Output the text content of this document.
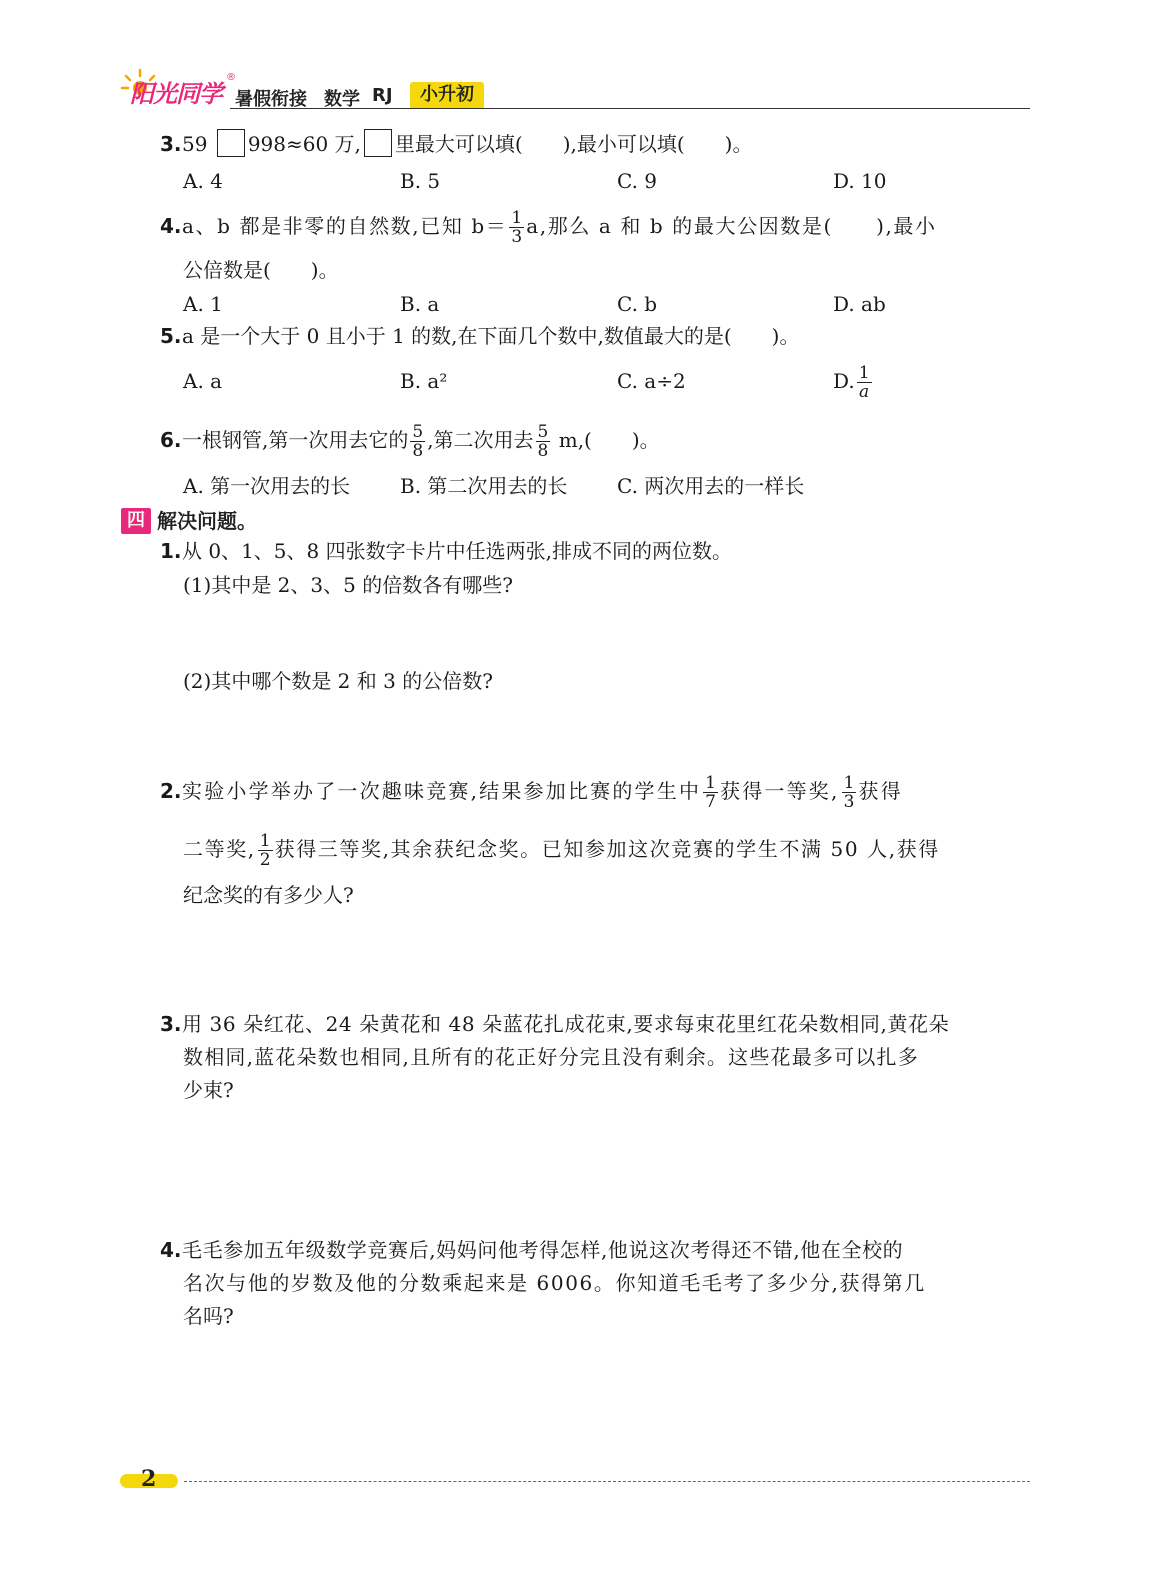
阳光同学
®
暑假衔接 数学 RJ	小升初
3.59 998≈60 万, 里最大可以填(　　),最小可以填(　　)。
A. 4	B. 5	C. 9	D. 10
4.a、b 都是非零的自然数,已知 $b= \frac{1}{3} a$,那么 a 和 b 的最大公因数是(　　),最小
公倍数是(　　)。
A. 1	B. a	C. b	D. ab
5.a 是一个大于 0 且小于 1 的数,在下面几个数中,数值最大的是(　　)。
A. a	B. a²	C. a÷2	D. $\frac{1}{a}$
6.一根钢管,第一次用去它的 $\frac{5}{8}$ ,第二次用去 $\frac{5}{8} m$,(　　)。
A. 第一次用去的长 B. 第二次用去的长 C. 两次用去的一样长
四 解决问题。
1.从 0、1、5、8 四张数字卡片中任选两张,排成不同的两位数。
(1)其中是 2、3、5 的倍数各有哪些?
(2)其中哪个数是 2 和 3 的公倍数?
2.实验小学举办了一次趣味竞赛,结果参加比赛的学生中 $\frac{1}{7}$ 获得一等奖, $\frac{1}{3}$ 获得
二等奖, $\frac{1}{2}$ 获得三等奖,其余获纪念奖。已知参加这次竞赛的学生不满 50 人,获得
纪念奖的有多少人?
3.用 36 朵红花、24 朵黄花和 48 朵蓝花扎成花束,要求每束花里红花朵数相同,黄花朵
数相同,蓝花朵数也相同,且所有的花正好分完且没有剩余。这些花最多可以扎多
少束?
4.毛毛参加五年级数学竞赛后,妈妈问他考得怎样,他说这次考得还不错,他在全校的
名次与他的岁数及他的分数乘起来是 6006。你知道毛毛考了多少分,获得第几
名吗?
2
